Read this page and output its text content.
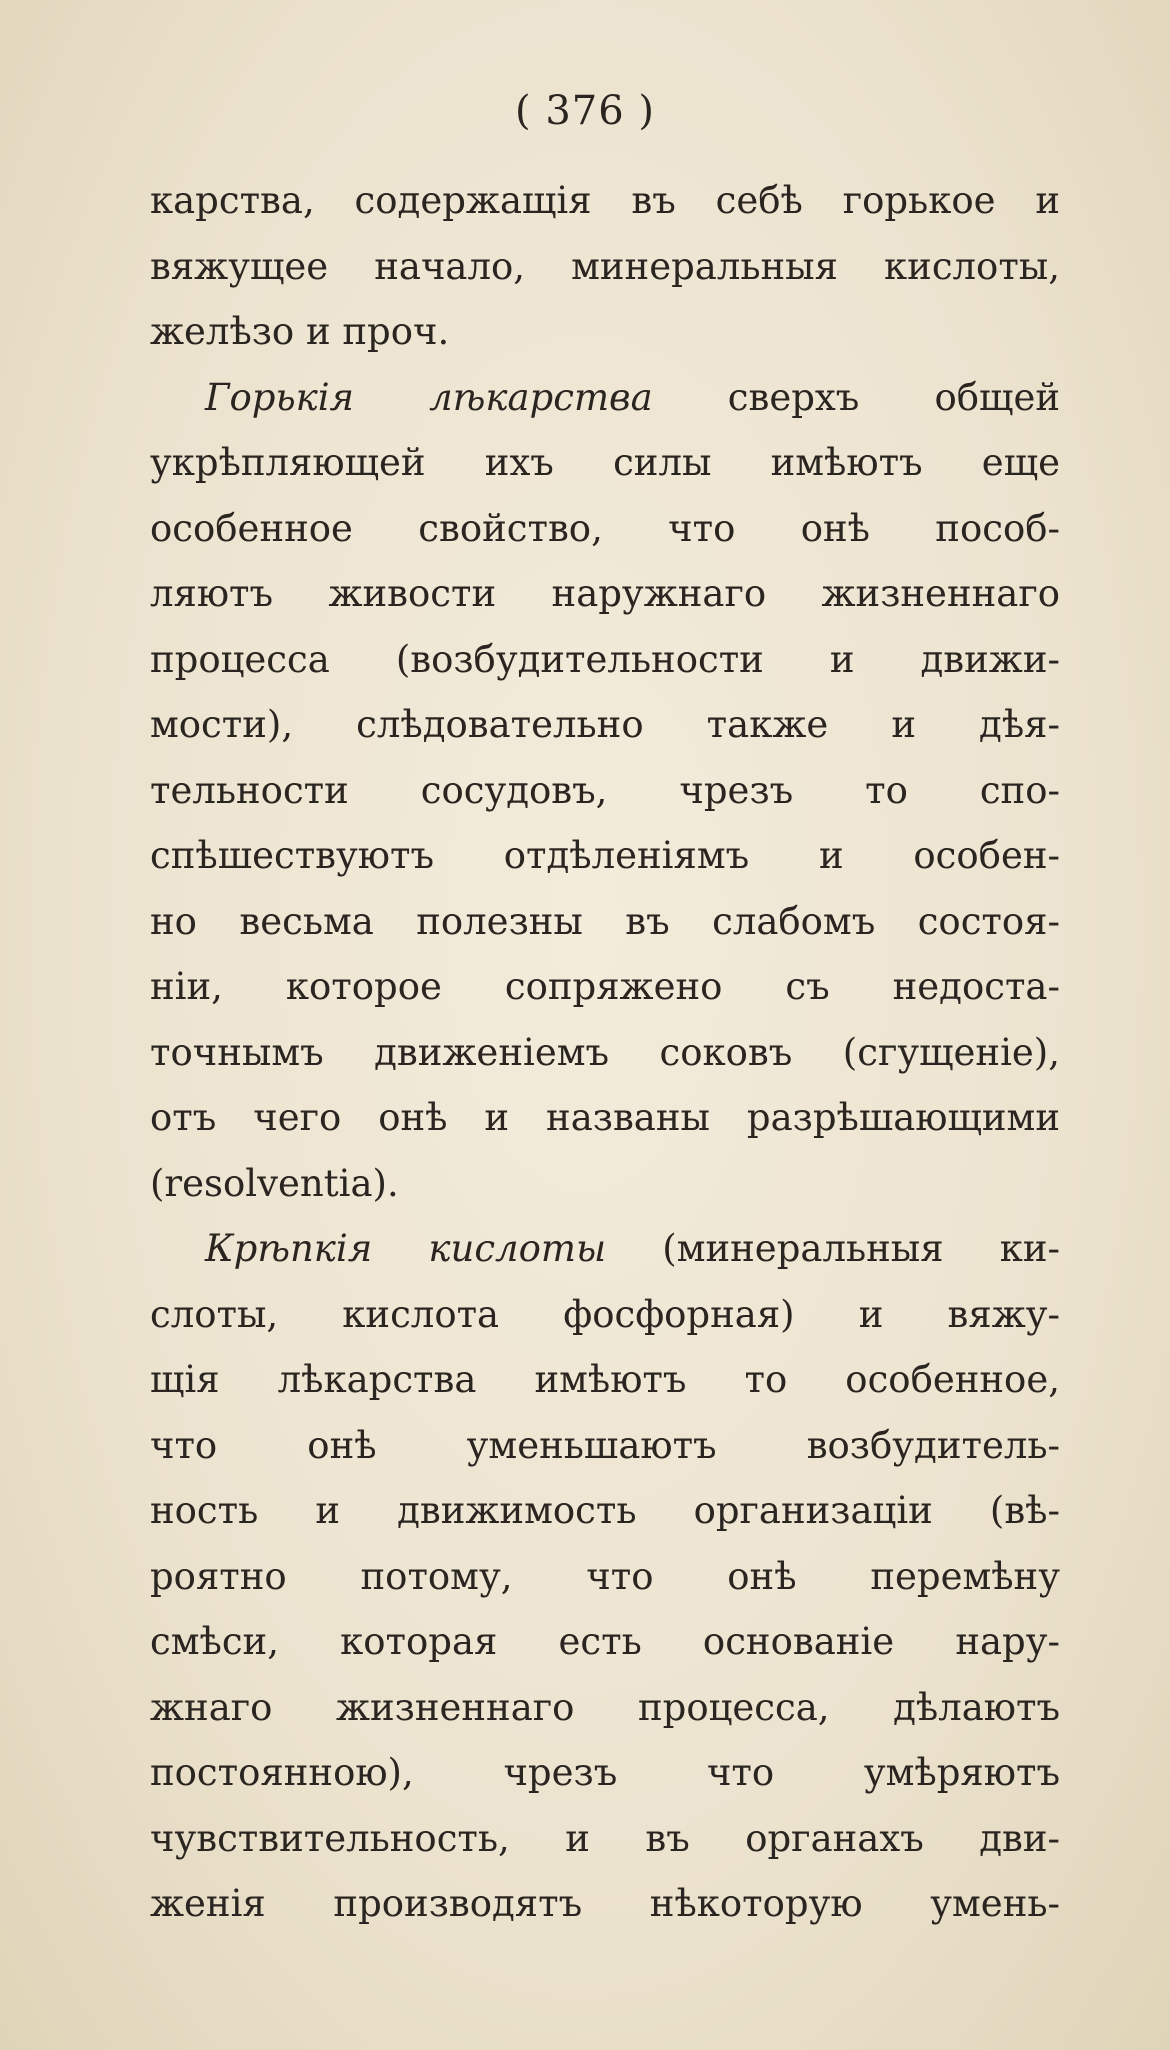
( 376 )
карства, содержащія въ себѣ горькое и
вяжущее начало, минеральныя кислоты,
желѣзо и проч.
Горькія лѣкарства сверхъ общей
укрѣпляющей ихъ силы имѣютъ еще
особенное свойство, что онѣ пособ-
ляютъ живости наружнаго жизненнаго
процесса (возбудительности и движи-
мости), слѣдовательно также и дѣя-
тельности сосудовъ, чрезъ то спо-
спѣшествуютъ отдѣленіямъ и особен-
но весьма полезны въ слабомъ состоя-
ніи, которое сопряжено съ недоста-
точнымъ движеніемъ соковъ (сгущеніе),
отъ чего онѣ и названы разрѣшающими
(resolventia).
Крѣпкія кислоты (минеральныя ки-
слоты, кислота фосфорная) и вяжу-
щія лѣкарства имѣютъ то особенное,
что онѣ уменьшаютъ возбудитель-
ность и движимость организаціи (вѣ-
роятно потому, что онѣ перемѣну
смѣси, которая есть основаніе нару-
жнаго жизненнаго процесса, дѣлаютъ
постоянною), чрезъ что умѣряютъ
чувствительность, и въ органахъ дви-
женія производятъ нѣкоторую умень-
